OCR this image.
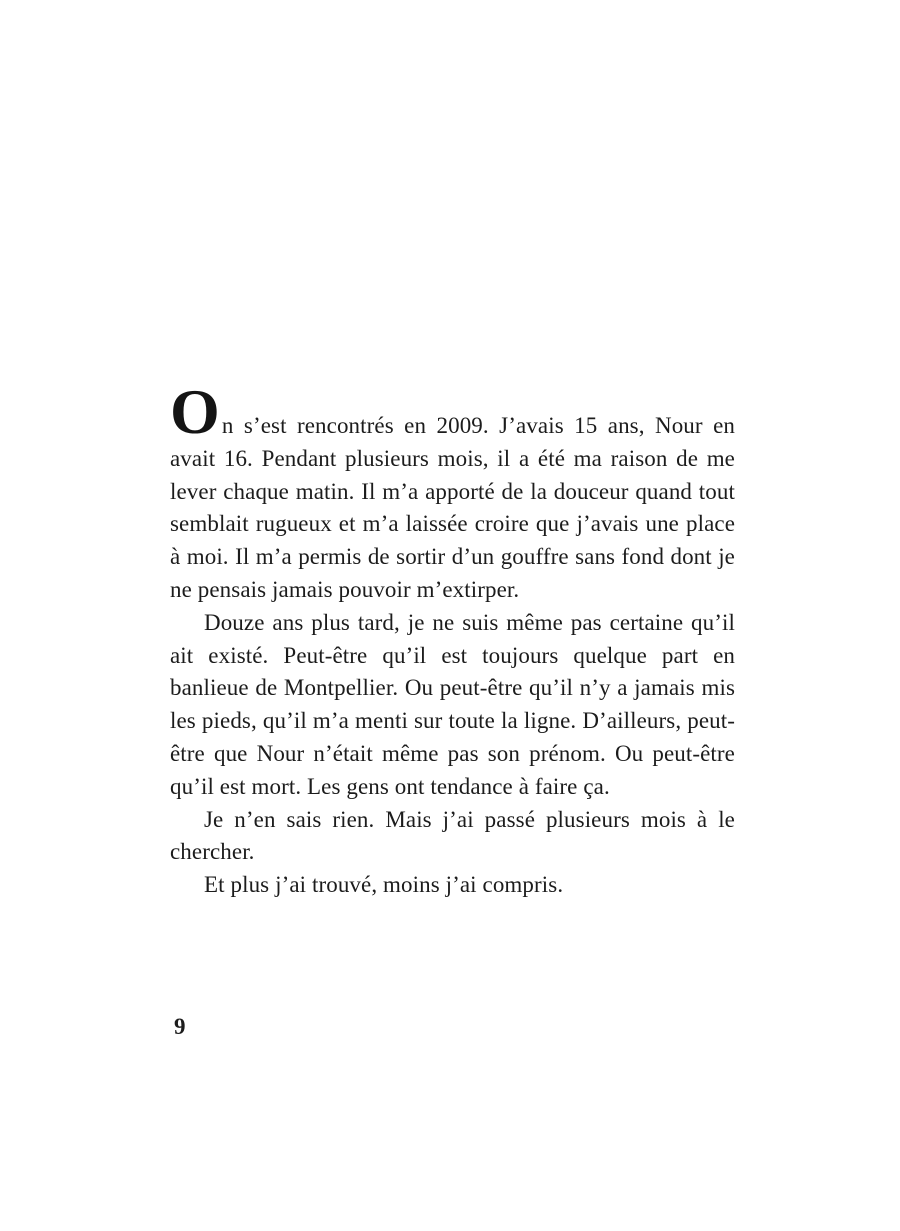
On s’est rencontrés en 2009. J’avais 15 ans, Nour en avait 16. Pendant plusieurs mois, il a été ma raison de me lever chaque matin. Il m’a apporté de la douceur quand tout semblait rugueux et m’a laissée croire que j’avais une place à moi. Il m’a permis de sortir d’un gouffre sans fond dont je ne pensais jamais pouvoir m’extirper.

Douze ans plus tard, je ne suis même pas certaine qu’il ait existé. Peut-être qu’il est toujours quelque part en banlieue de Montpellier. Ou peut-être qu’il n’y a jamais mis les pieds, qu’il m’a menti sur toute la ligne. D’ailleurs, peut-être que Nour n’était même pas son prénom. Ou peut-être qu’il est mort. Les gens ont tendance à faire ça.

Je n’en sais rien. Mais j’ai passé plusieurs mois à le chercher.

Et plus j’ai trouvé, moins j’ai compris.

9
